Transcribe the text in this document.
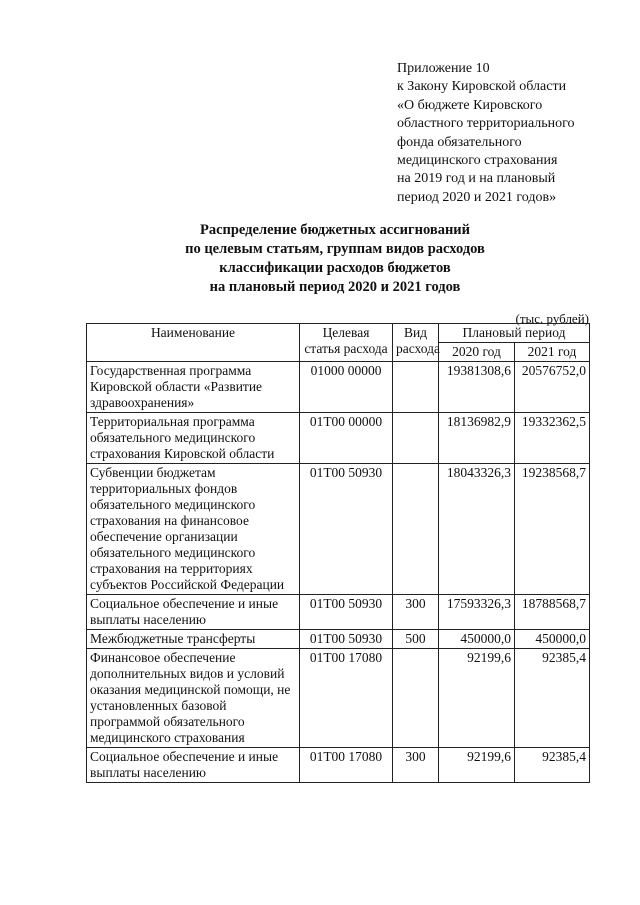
Приложение 10
к Закону Кировской области
«О бюджете Кировского
областного территориального
фонда обязательного
медицинского страхования
на 2019 год и на плановый
период 2020 и 2021 годов»
Распределение бюджетных ассигнований
по целевым статьям, группам видов расходов
классификации расходов бюджетов
на плановый период 2020 и 2021 годов
(тыс. рублей)
Наименование	Целевая статья расхода	Вид расхода	Плановый период	
			2020 год	2021 год
Государственная программа Кировской области «Развитие здравоохранения»	01000 00000		19381308,6	20576752,0
Территориальная программа обязательного медицинского страхования Кировской области	01Т00 00000		18136982,9	19332362,5
Субвенции бюджетам территориальных фондов обязательного медицинского страхования на финансовое обеспечение организации обязательного медицинского страхования на территориях субъектов Российской Федерации	01Т00 50930		18043326,3	19238568,7
Социальное обеспечение и иные выплаты населению	01Т00 50930	300	17593326,3	18788568,7
Межбюджетные трансферты	01Т00 50930	500	450000,0	450000,0
Финансовое обеспечение дополнительных видов и условий оказания медицинской помощи, не установленных базовой программой обязательного медицинского страхования	01Т00 17080		92199,6	92385,4
Социальное обеспечение и иные выплаты населению	01Т00 17080	300	92199,6	92385,4
